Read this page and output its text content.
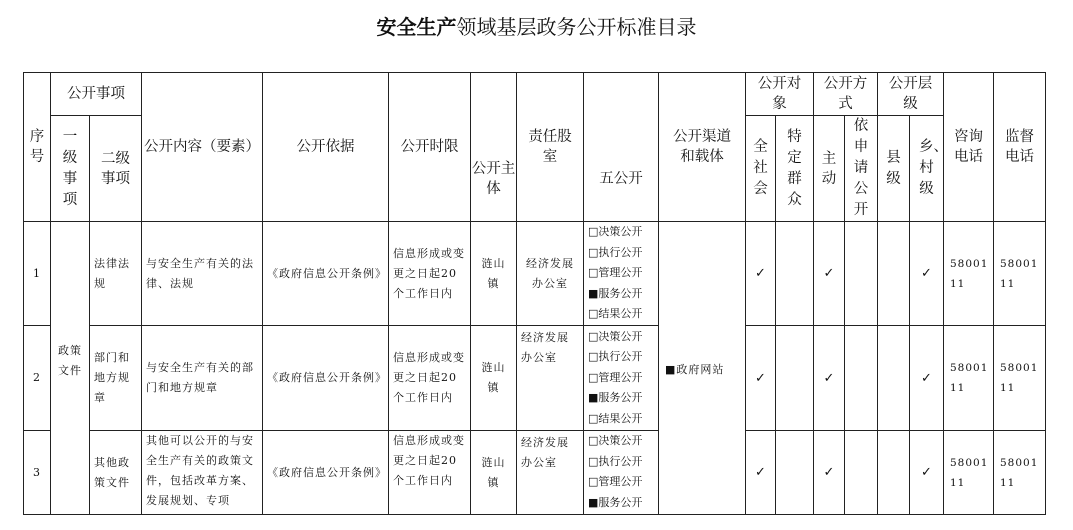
安全生产领域基层政务公开标准目录
序号	公开事项		公开内容（要素）	公开依据	公开时限	公开主体	责任股室	五公开	公开渠道和载体	公开对象		公开方式		公开层级		咨询电话	监督电话
	一级事项	二级事项								全社会	特定群众	主动	依申请公开	县级	乡、村级		

1	政策文件	法律法规	与安全生产有关的法律、法规	《政府信息公开条例》	信息形成或变更之日起20个工作日内	涟山镇	经济发展办公室	□决策公开
□执行公开
□管理公开
■服务公开
□结果公开	■政府网站	✓		✓			✓	5800111	5800111
2		部门和地方规章	与安全生产有关的部门和地方规章	《政府信息公开条例》	信息形成或变更之日起20个工作日内	涟山镇	经济发展办公室	□决策公开
□执行公开
□管理公开
■服务公开
□结果公开		✓		✓			✓	5800111	5800111
3		其他政策文件	其他可以公开的与安全生产有关的政策文件，包括改革方案、发展规划、专项	《政府信息公开条例》	信息形成或变更之日起20个工作日内	涟山镇	经济发展办公室	□决策公开
□执行公开
□管理公开
■服务公开		✓		✓			✓	5800111	5800111
